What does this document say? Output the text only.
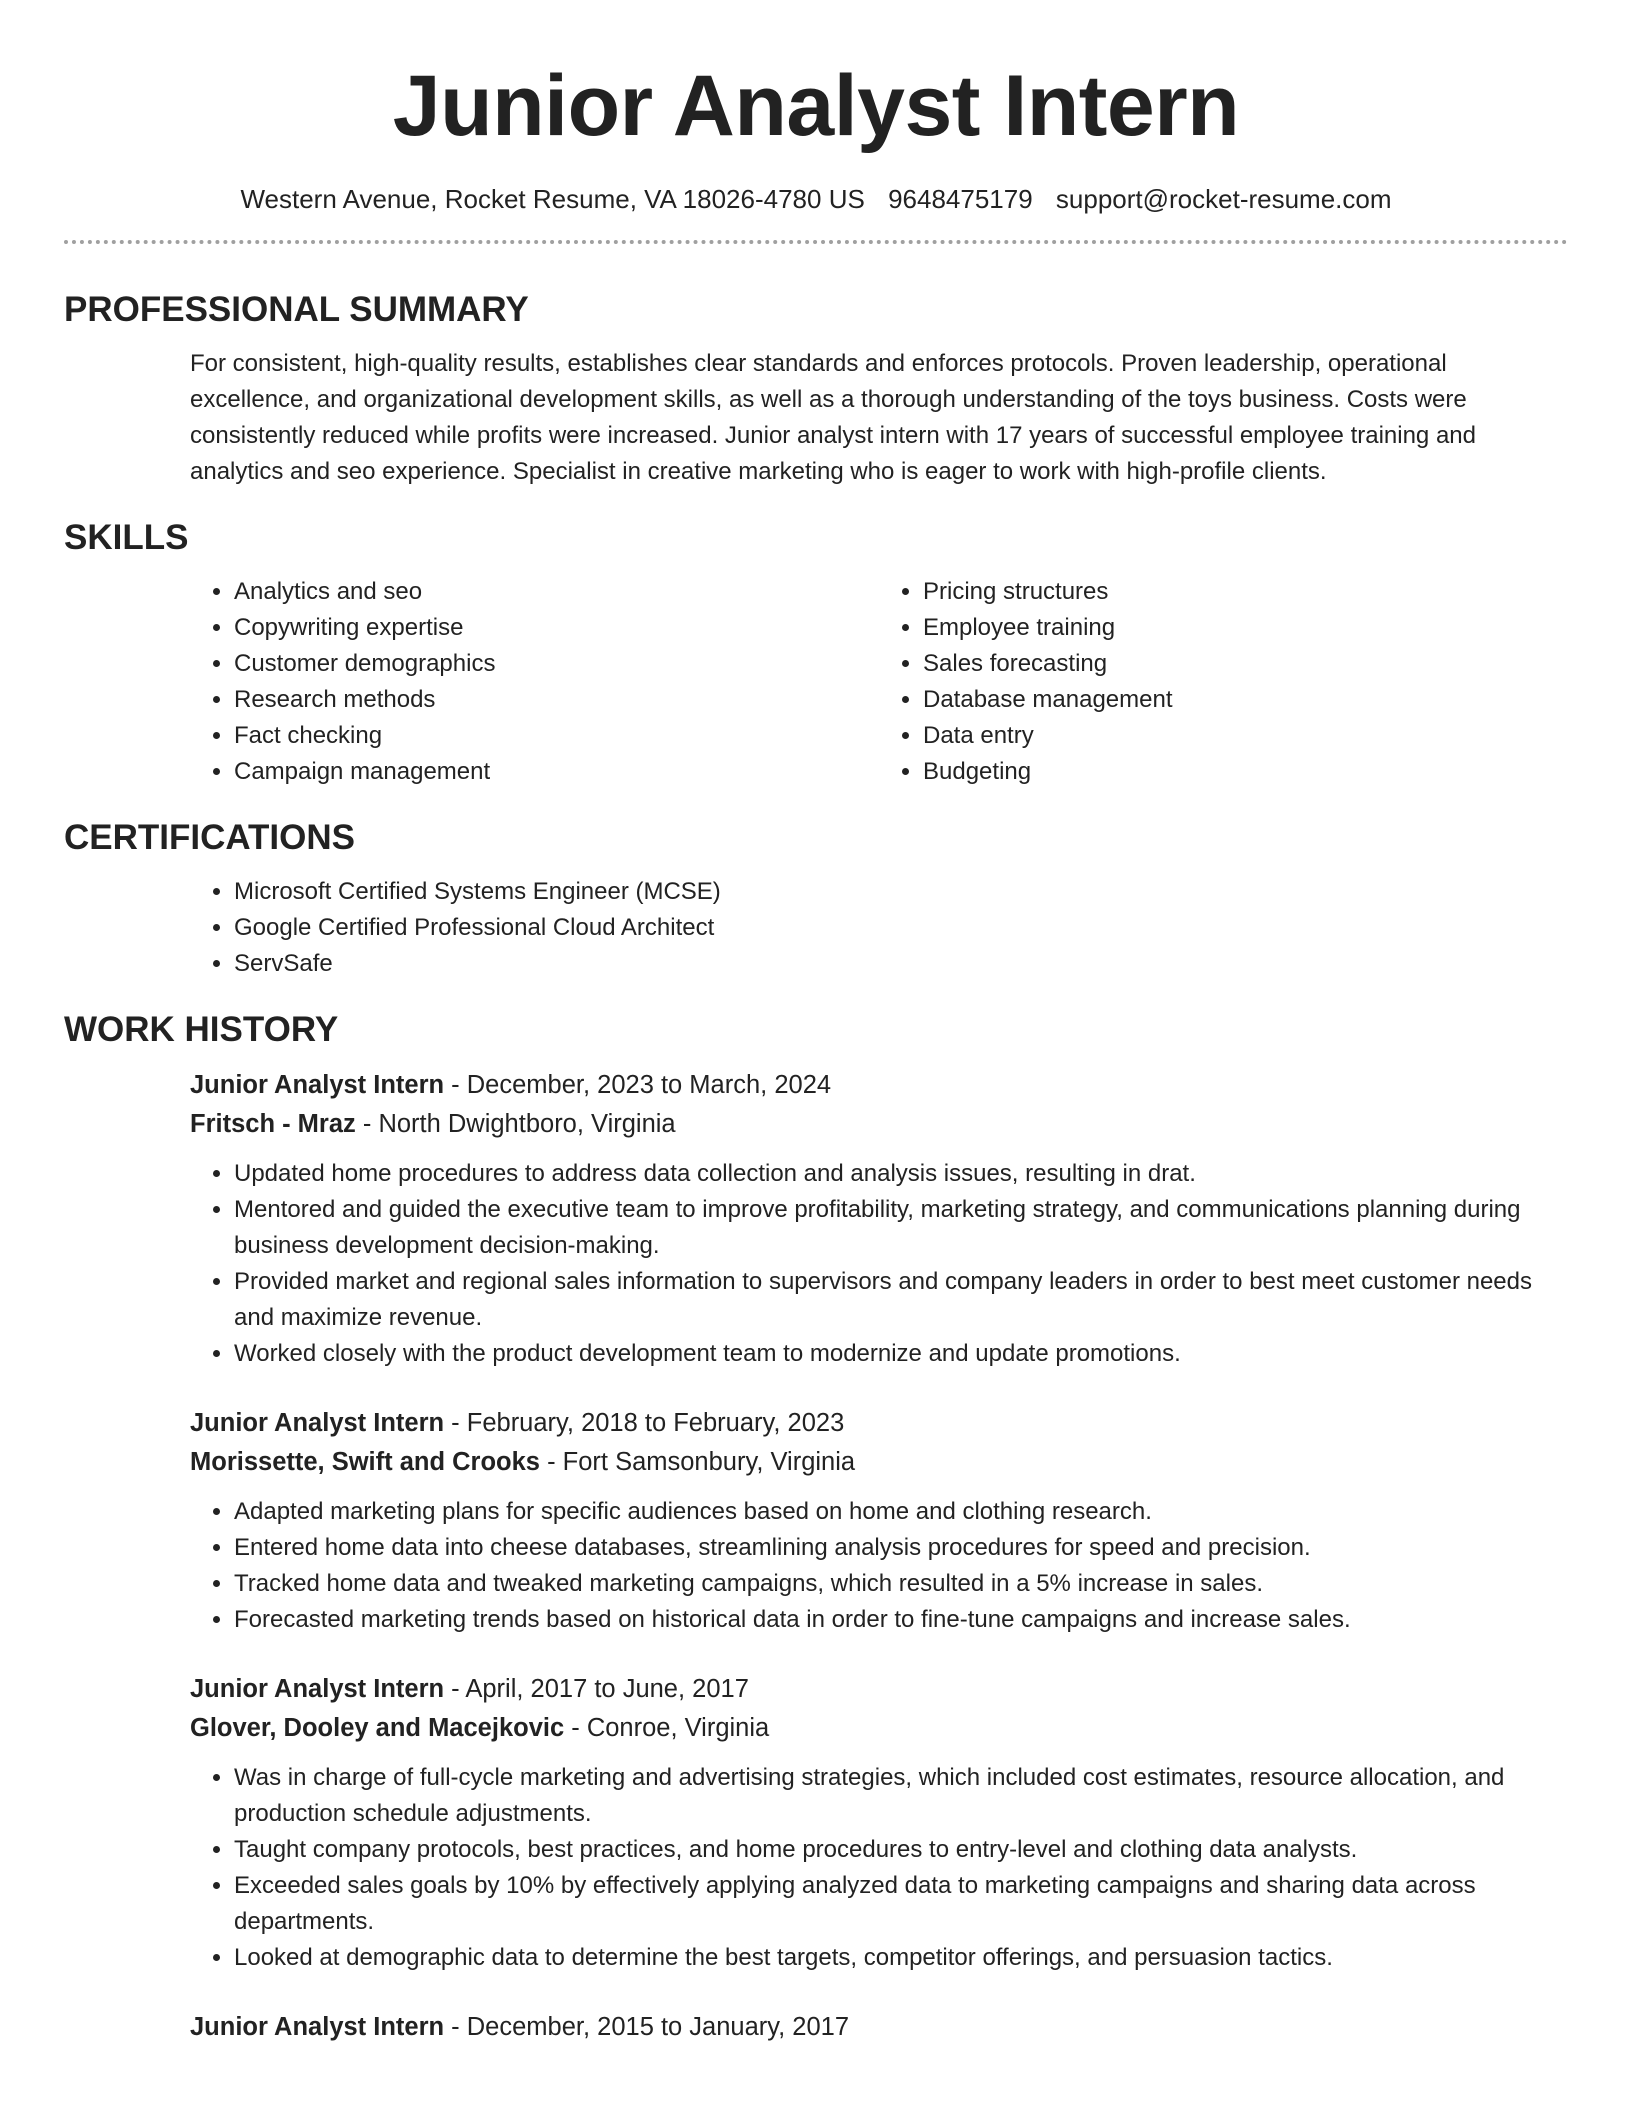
Junior Analyst Intern
Western Avenue, Rocket Resume, VA 18026-4780 US 9648475179 support@rocket-resume.com
PROFESSIONAL SUMMARY

For consistent, high-quality results, establishes clear standards and enforces protocols. Proven leadership, operational excellence, and organizational development skills, as well as a thorough understanding of the toys business. Costs were consistently reduced while profits were increased. Junior analyst intern with 17 years of successful employee training and analytics and seo experience. Specialist in creative marketing who is eager to work with high-profile clients.

SKILLS
• Analytics and seo
• Copywriting expertise
• Customer demographics
• Research methods
• Fact checking
• Campaign management
• Pricing structures
• Employee training
• Sales forecasting
• Database management
• Data entry
• Budgeting
CERTIFICATIONS
• Microsoft Certified Systems Engineer (MCSE)
• Google Certified Professional Cloud Architect
• ServSafe
WORK HISTORY
Junior Analyst Intern - December, 2023 to March, 2024
Fritsch - Mraz - North Dwightboro, Virginia
• Updated home procedures to address data collection and analysis issues, resulting in drat.
• Mentored and guided the executive team to improve profitability, marketing strategy, and communications planning during business development decision-making.
• Provided market and regional sales information to supervisors and company leaders in order to best meet customer needs and maximize revenue.
• Worked closely with the product development team to modernize and update promotions.
Junior Analyst Intern - February, 2018 to February, 2023
Morissette, Swift and Crooks - Fort Samsonbury, Virginia
• Adapted marketing plans for specific audiences based on home and clothing research.
• Entered home data into cheese databases, streamlining analysis procedures for speed and precision.
• Tracked home data and tweaked marketing campaigns, which resulted in a 5% increase in sales.
• Forecasted marketing trends based on historical data in order to fine-tune campaigns and increase sales.
Junior Analyst Intern - April, 2017 to June, 2017
Glover, Dooley and Macejkovic - Conroe, Virginia
• Was in charge of full-cycle marketing and advertising strategies, which included cost estimates, resource allocation, and production schedule adjustments.
• Taught company protocols, best practices, and home procedures to entry-level and clothing data analysts.
• Exceeded sales goals by 10% by effectively applying analyzed data to marketing campaigns and sharing data across departments.
• Looked at demographic data to determine the best targets, competitor offerings, and persuasion tactics.
Junior Analyst Intern - December, 2015 to January, 2017
